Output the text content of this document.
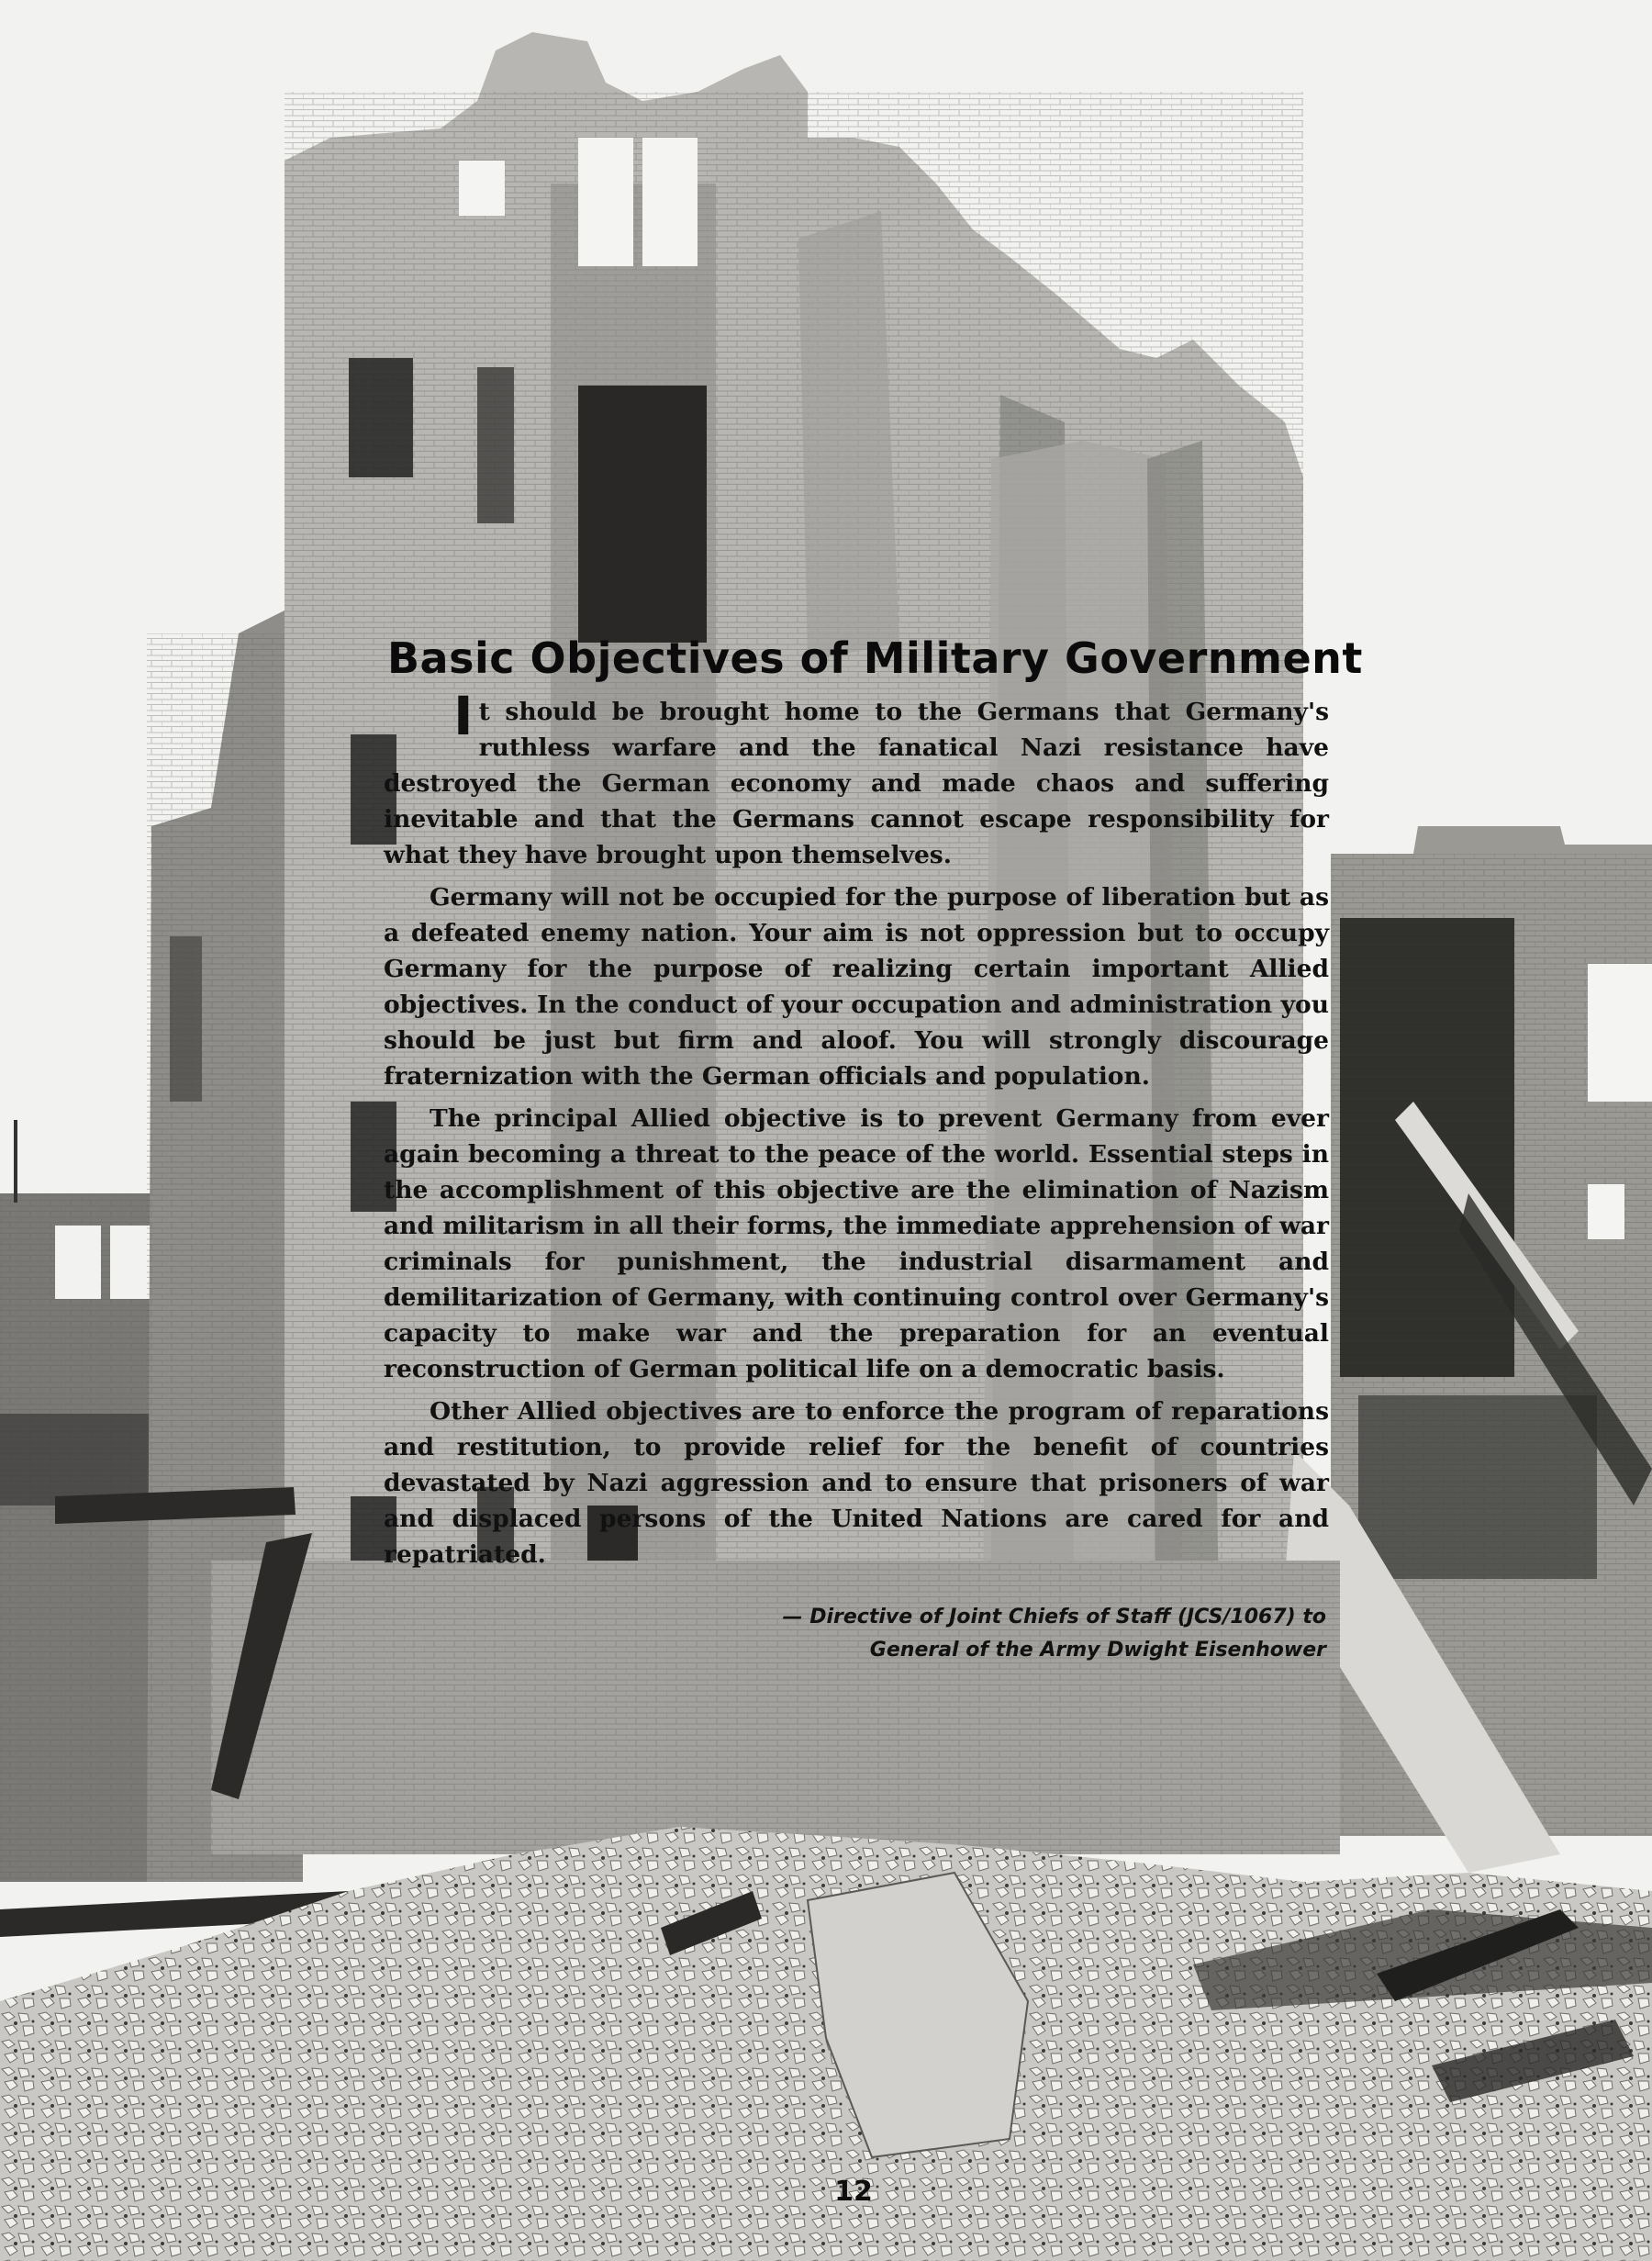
Basic Objectives of Military Government

It should be brought home to the Germans that Germany's ruthless warfare and the fanatical Nazi resistance have destroyed the German economy and made chaos and suffering inevitable and that the Germans cannot escape responsibility for what they have brought upon themselves.

Germany will not be occupied for the purpose of liberation but as a defeated enemy nation. Your aim is not oppression but to occupy Germany for the purpose of realizing certain important Allied objectives. In the conduct of your occupation and administration you should be just but firm and aloof. You will strongly discourage fraternization with the German officials and population.

The principal Allied objective is to prevent Germany from ever again becoming a threat to the peace of the world. Essential steps in the accomplishment of this objective are the elimination of Nazism and militarism in all their forms, the immediate apprehension of war criminals for punishment, the industrial disarmament and demilitarization of Germany, with continuing control over Germany's capacity to make war and the preparation for an eventual reconstruction of German political life on a democratic basis.

Other Allied objectives are to enforce the program of reparations and restitution, to provide relief for the benefit of countries devastated by Nazi aggression and to ensure that prisoners of war and displaced persons of the United Nations are cared for and repatriated.

— Directive of Joint Chiefs of Staff (JCS/1067) to
General of the Army Dwight Eisenhower
12
